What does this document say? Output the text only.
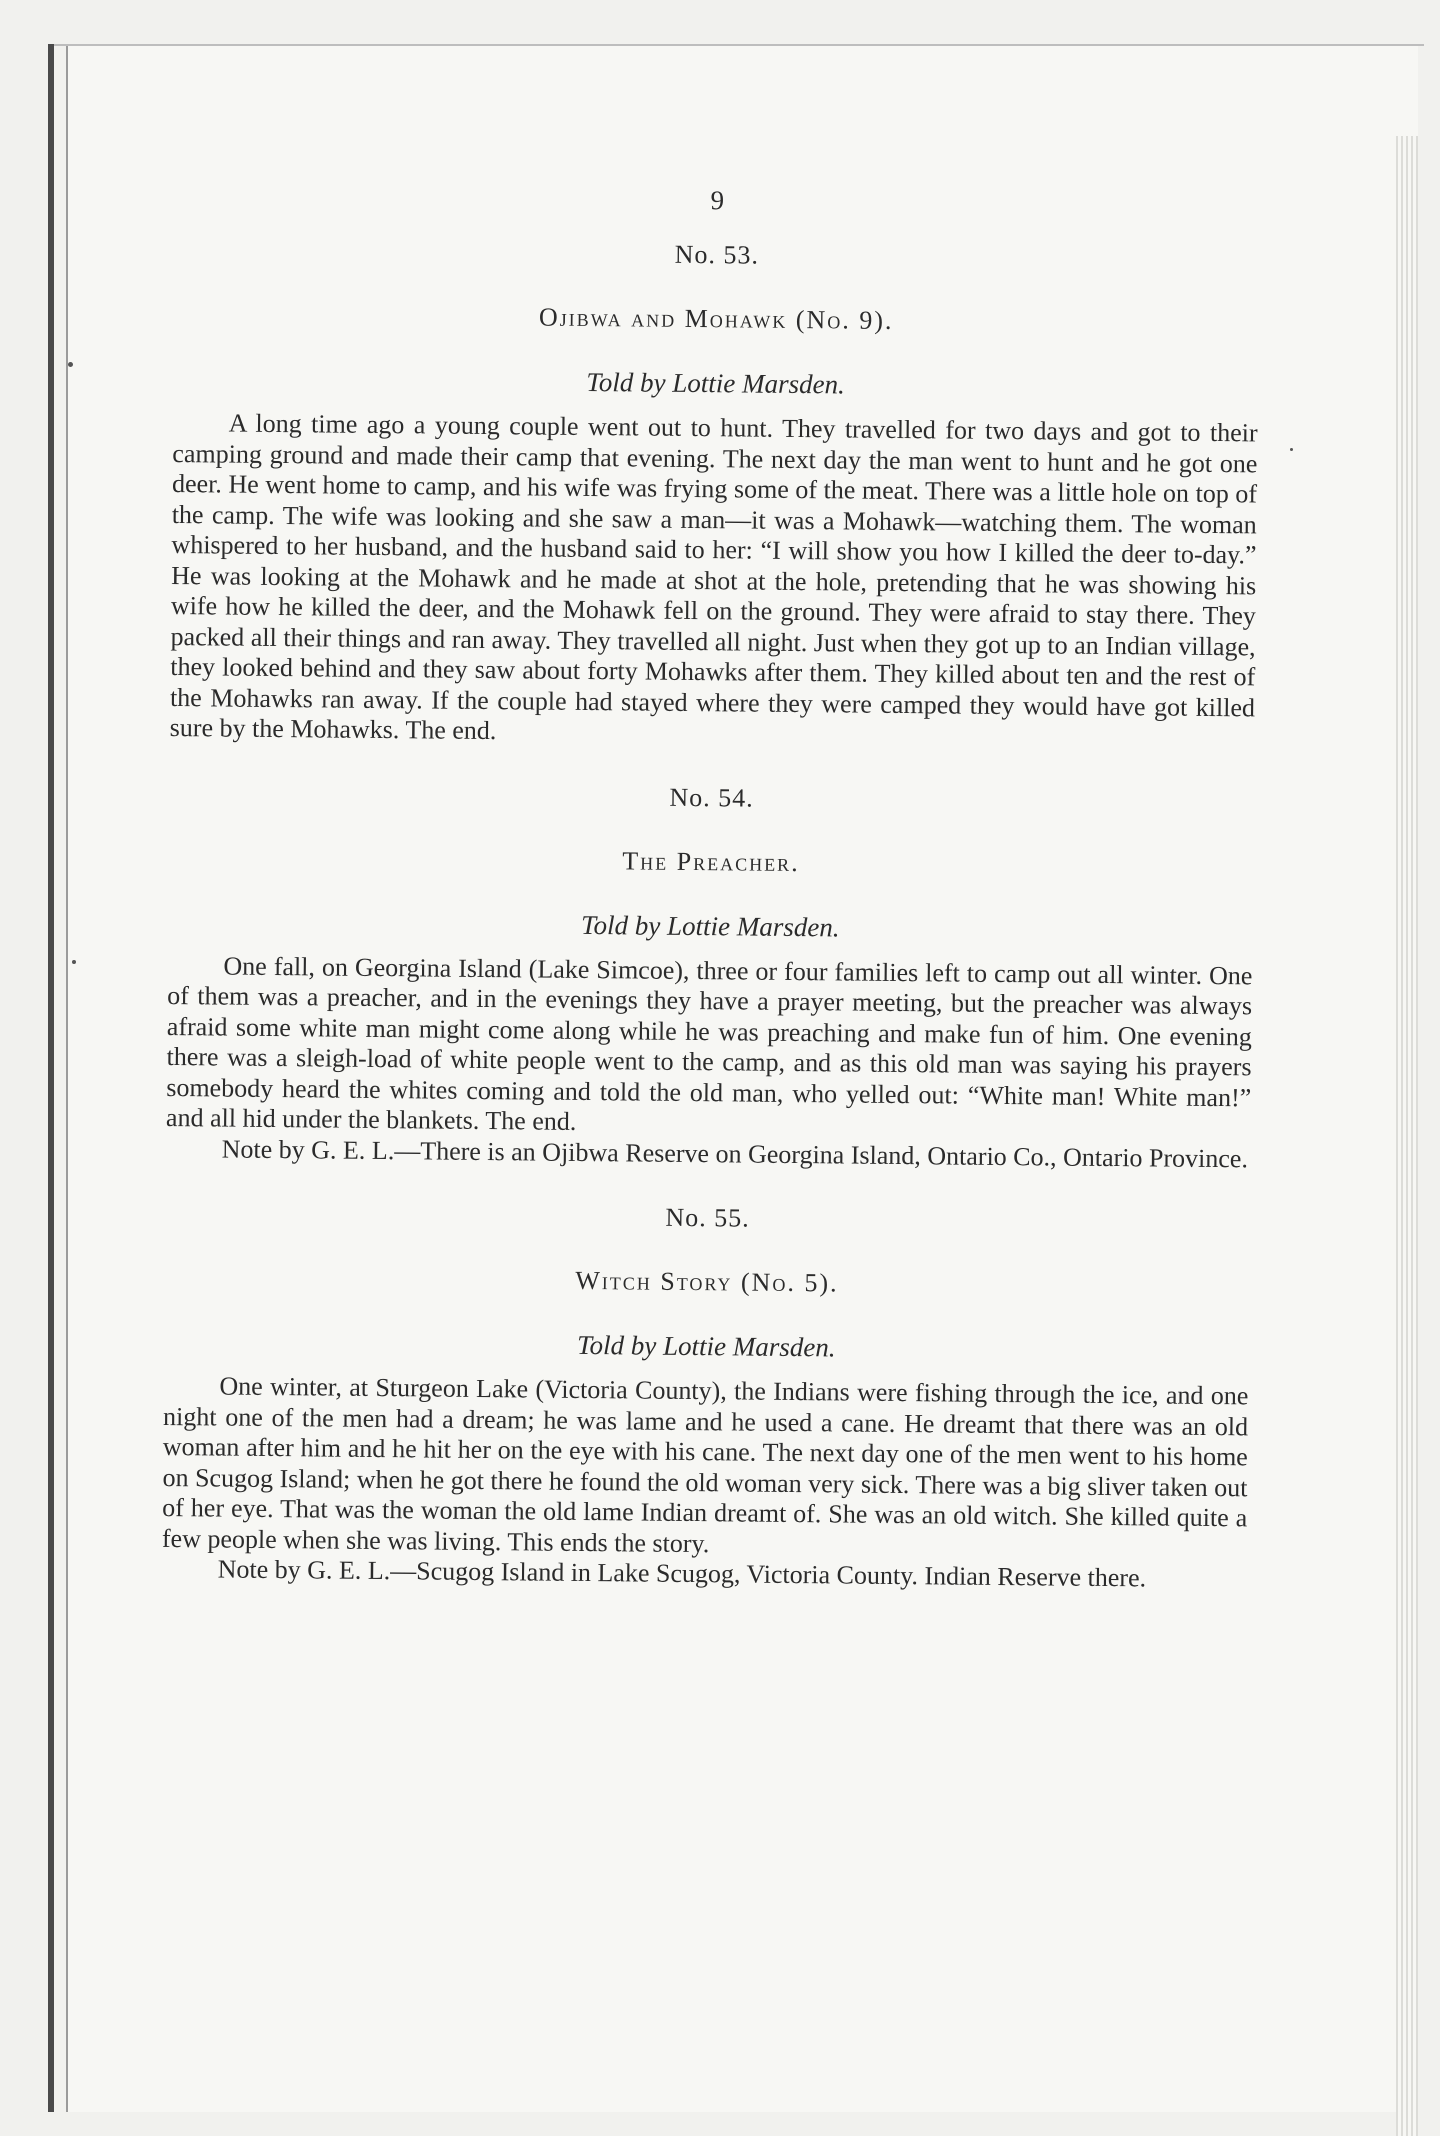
9
No. 53.
Ojibwa and Mohawk (No. 9).
Told by Lottie Marsden.

A long time ago a young couple went out to hunt. They travelled for two days and got to their camping ground and made their camp that evening. The next day the man went to hunt and he got one deer. He went home to camp, and his wife was frying some of the meat. There was a little hole on top of the camp. The wife was looking and she saw a man—it was a Mohawk—watching them. The woman whispered to her husband, and the husband said to her: “I will show you how I killed the deer to-day.” He was looking at the Mohawk and he made at shot at the hole, pretending that he was showing his wife how he killed the deer, and the Mohawk fell on the ground. They were afraid to stay there. They packed all their things and ran away. They travelled all night. Just when they got up to an Indian village, they looked behind and they saw about forty Mohawks after them. They killed about ten and the rest of the Mohawks ran away. If the couple had stayed where they were camped they would have got killed sure by the Mohawks. The end.

No. 54.
The Preacher.
Told by Lottie Marsden.

One fall, on Georgina Island (Lake Simcoe), three or four families left to camp out all winter. One of them was a preacher, and in the evenings they have a prayer meeting, but the preacher was always afraid some white man might come along while he was preaching and make fun of him. One evening there was a sleigh-load of white people went to the camp, and as this old man was saying his prayers somebody heard the whites coming and told the old man, who yelled out: “White man! White man!” and all hid under the blankets. The end.

Note by G. E. L.—There is an Ojibwa Reserve on Georgina Island, Ontario Co., Ontario Province.

No. 55.
Witch Story (No. 5).
Told by Lottie Marsden.

One winter, at Sturgeon Lake (Victoria County), the Indians were fishing through the ice, and one night one of the men had a dream; he was lame and he used a cane. He dreamt that there was an old woman after him and he hit her on the eye with his cane. The next day one of the men went to his home on Scugog Island; when he got there he found the old woman very sick. There was a big sliver taken out of her eye. That was the woman the old lame Indian dreamt of. She was an old witch. She killed quite a few people when she was living. This ends the story.

Note by G. E. L.—Scugog Island in Lake Scugog, Victoria County. Indian Reserve there.
